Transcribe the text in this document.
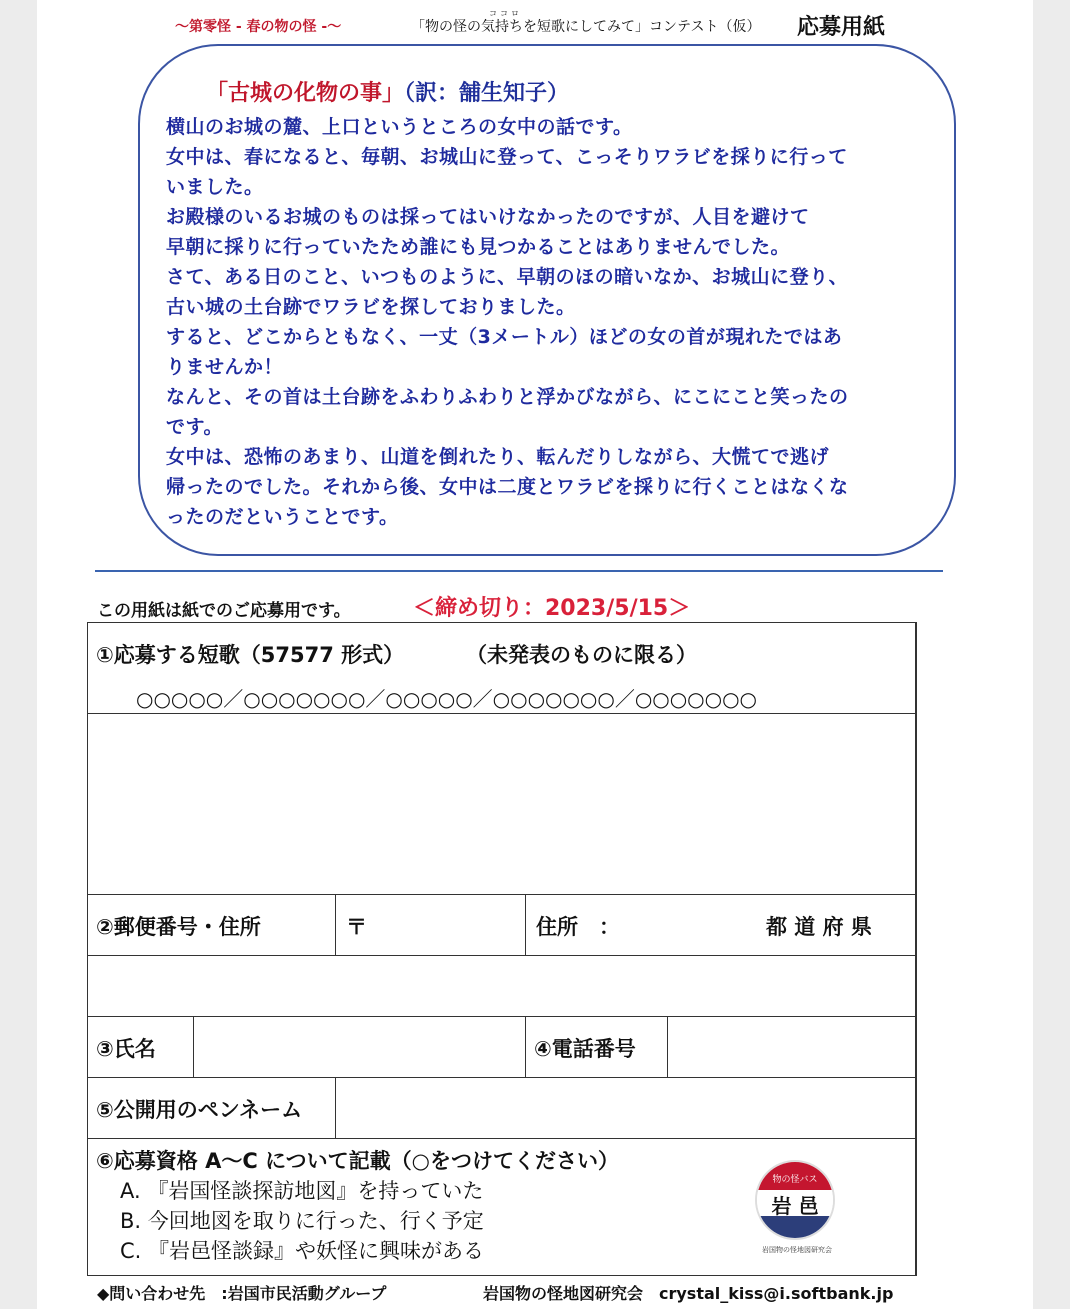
～第零怪 - 春の物の怪 -～
ココロ
「物の怪の気持ちを短歌にしてみて」コンテスト（仮） 応募用紙
「古城の化物の事」（訳：舗生知子）
横山のお城の麓、上口というところの女中の話です。
女中は、春になると、毎朝、お城山に登って、こっそりワラビを採りに行って
いました。
お殿様のいるお城のものは採ってはいけなかったのですが、人目を避けて
早朝に採りに行っていたため誰にも見つかることはありませんでした。
さて、ある日のこと、いつものように、早朝のほの暗いなか、お城山に登り、
古い城の土台跡でワラビを探しておりました。
すると、どこからともなく、一丈（3メートル）ほどの女の首が現れたではあ
りませんか！
なんと、その首は土台跡をふわりふわりと浮かびながら、にこにこと笑ったの
です。
女中は、恐怖のあまり、山道を倒れたり、転んだりしながら、大慌てで逃げ
帰ったのでした。それから後、女中は二度とワラビを採りに行くことはなくな
ったのだということです。
この用紙は紙でのご応募用です。	＜締め切り：2023/5/15＞
①応募する短歌（57577 形式）	（未発表のものに限る）
○○○○○／○○○○○○○／○○○○○／○○○○○○○／○○○○○○○
②郵便番号・住所	〒	住所　：	都 道 府 県
③氏名	④電話番号
⑤公開用のペンネーム
⑥応募資格 A～C について記載（○をつけてください）
A. 『岩国怪談探訪地図』を持っていた
B. 今回地図を取りに行った、行く予定
C. 『岩邑怪談録』や妖怪に興味がある
物の怪バス
岩 邑
岩国物の怪地図研究会
◆問い合わせ先　:岩国市民活動グループ	岩国物の怪地図研究会　crystal_kiss@i.softbank.jp
